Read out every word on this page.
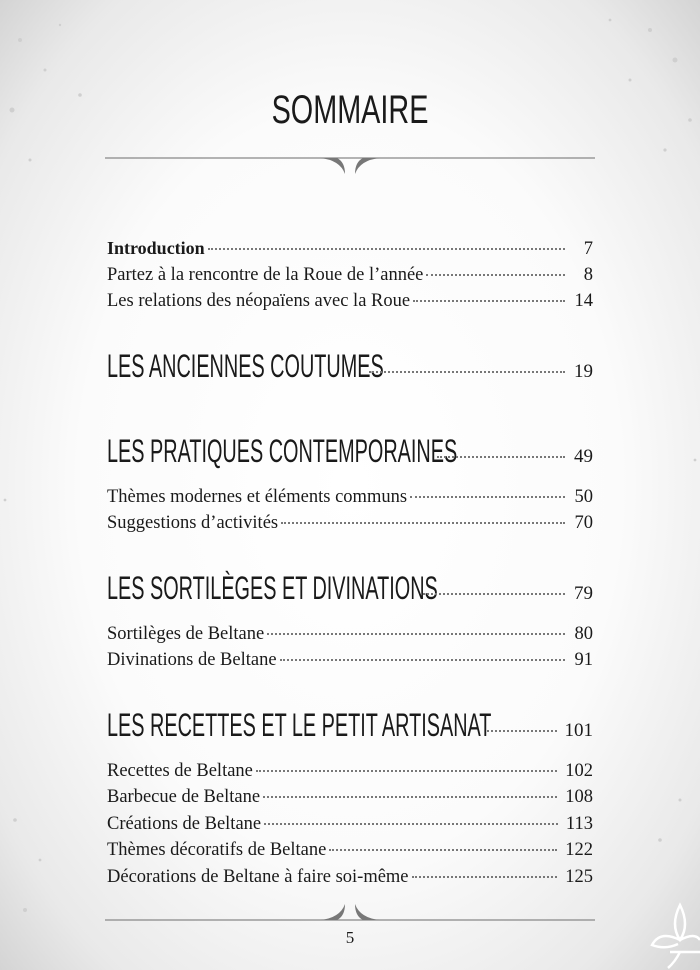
SOMMAIRE
Introduction	7
Partez à la rencontre de la Roue de l’année	8
Les relations des néopaïens avec la Roue	14
LES ANCIENNES COUTUMES	19
LES PRATIQUES CONTEMPORAINES	49
Thèmes modernes et éléments communs	50
Suggestions d’activités	70
LES SORTILÈGES ET DIVINATIONS	79
Sortilèges de Beltane	80
Divinations de Beltane	91
LES RECETTES ET LE PETIT ARTISANAT	101
Recettes de Beltane	102
Barbecue de Beltane	108
Créations de Beltane	113
Thèmes décoratifs de Beltane	122
Décorations de Beltane à faire soi-même	125
5
